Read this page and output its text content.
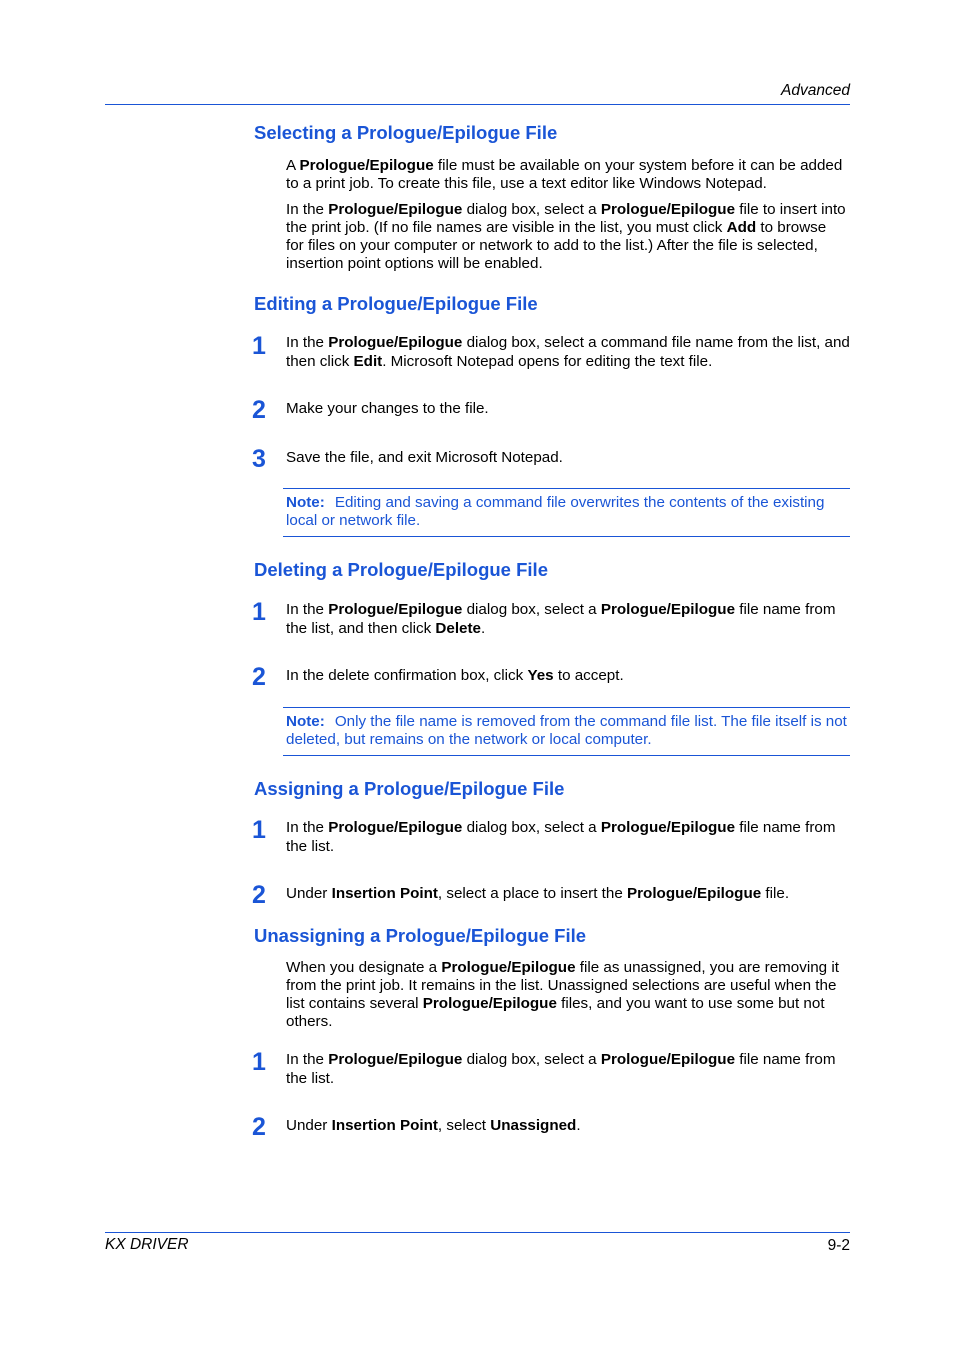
Advanced
Selecting a Prologue/Epilogue File

A Prologue/Epilogue file must be available on your system before it can be added to a print job. To create this file, use a text editor like Windows Notepad.

In the Prologue/Epilogue dialog box, select a Prologue/Epilogue file to insert into the print job. (If no file names are visible in the list, you must click Add to browse for files on your computer or network to add to the list.) After the file is selected, insertion point options will be enabled.

Editing a Prologue/Epilogue File
1 In the Prologue/Epilogue dialog box, select a command file name from the list, and then click Edit. Microsoft Notepad opens for editing the text file.

2 Make your changes to the file.

3 Save the file, and exit Microsoft Notepad.

Note: Editing and saving a command file overwrites the contents of the existing local or network file.
Deleting a Prologue/Epilogue File
1 In the Prologue/Epilogue dialog box, select a Prologue/Epilogue file name from the list, and then click Delete.

2 In the delete confirmation box, click Yes to accept.

Note: Only the file name is removed from the command file list. The file itself is not deleted, but remains on the network or local computer.
Assigning a Prologue/Epilogue File
1 In the Prologue/Epilogue dialog box, select a Prologue/Epilogue file name from the list.

2 Under Insertion Point, select a place to insert the Prologue/Epilogue file.

Unassigning a Prologue/Epilogue File

When you designate a Prologue/Epilogue file as unassigned, you are removing it from the print job. It remains in the list. Unassigned selections are useful when the list contains several Prologue/Epilogue files, and you want to use some but not others.

1 In the Prologue/Epilogue dialog box, select a Prologue/Epilogue file name from the list.

2 Under Insertion Point, select Unassigned.

KX DRIVER	9-2
